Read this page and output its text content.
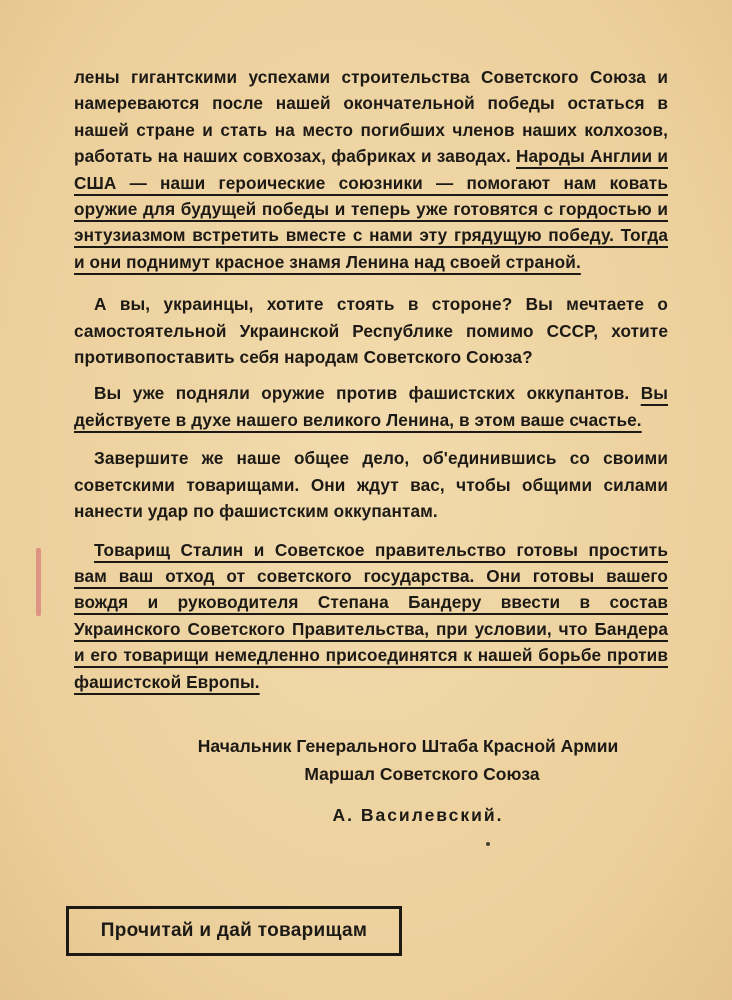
лены гигантскими успехами строительства Советского Союза и намереваются после нашей окончательной победы остаться в нашей стране и стать на место погибших членов наших колхозов, работать на наших совхозах, фабриках и заводах. Народы Англии и США — наши героические союзники — помогают нам ковать оружие для будущей победы и теперь уже готовятся с гордостью и энтузиазмом встретить вместе с нами эту грядущую победу. Тогда и они поднимут красное знамя Ленина над своей страной.

А вы, украинцы, хотите стоять в стороне? Вы мечтаете о самостоятельной Украинской Республике помимо СССР, хотите противопоставить себя народам Советского Союза?

Вы уже подняли оружие против фашистских оккупантов. Вы действуете в духе нашего великого Ленина, в этом ваше счастье.

Завершите же наше общее дело, об'единившись со своими советскими товарищами. Они ждут вас, чтобы общими силами нанести удар по фашистским оккупантам.

Товарищ Сталин и Советское правительство готовы простить вам ваш отход от советского государства. Они готовы вашего вождя и руководителя Степана Бандеру ввести в состав Украинского Советского Правительства, при условии, что Бандера и его товарищи немедленно присоединятся к нашей борьбе против фашистской Европы.

Начальник Генерального Штаба Красной Армии
Маршал Советского Союза
А. Василевский.
Прочитай и дай товарищам
